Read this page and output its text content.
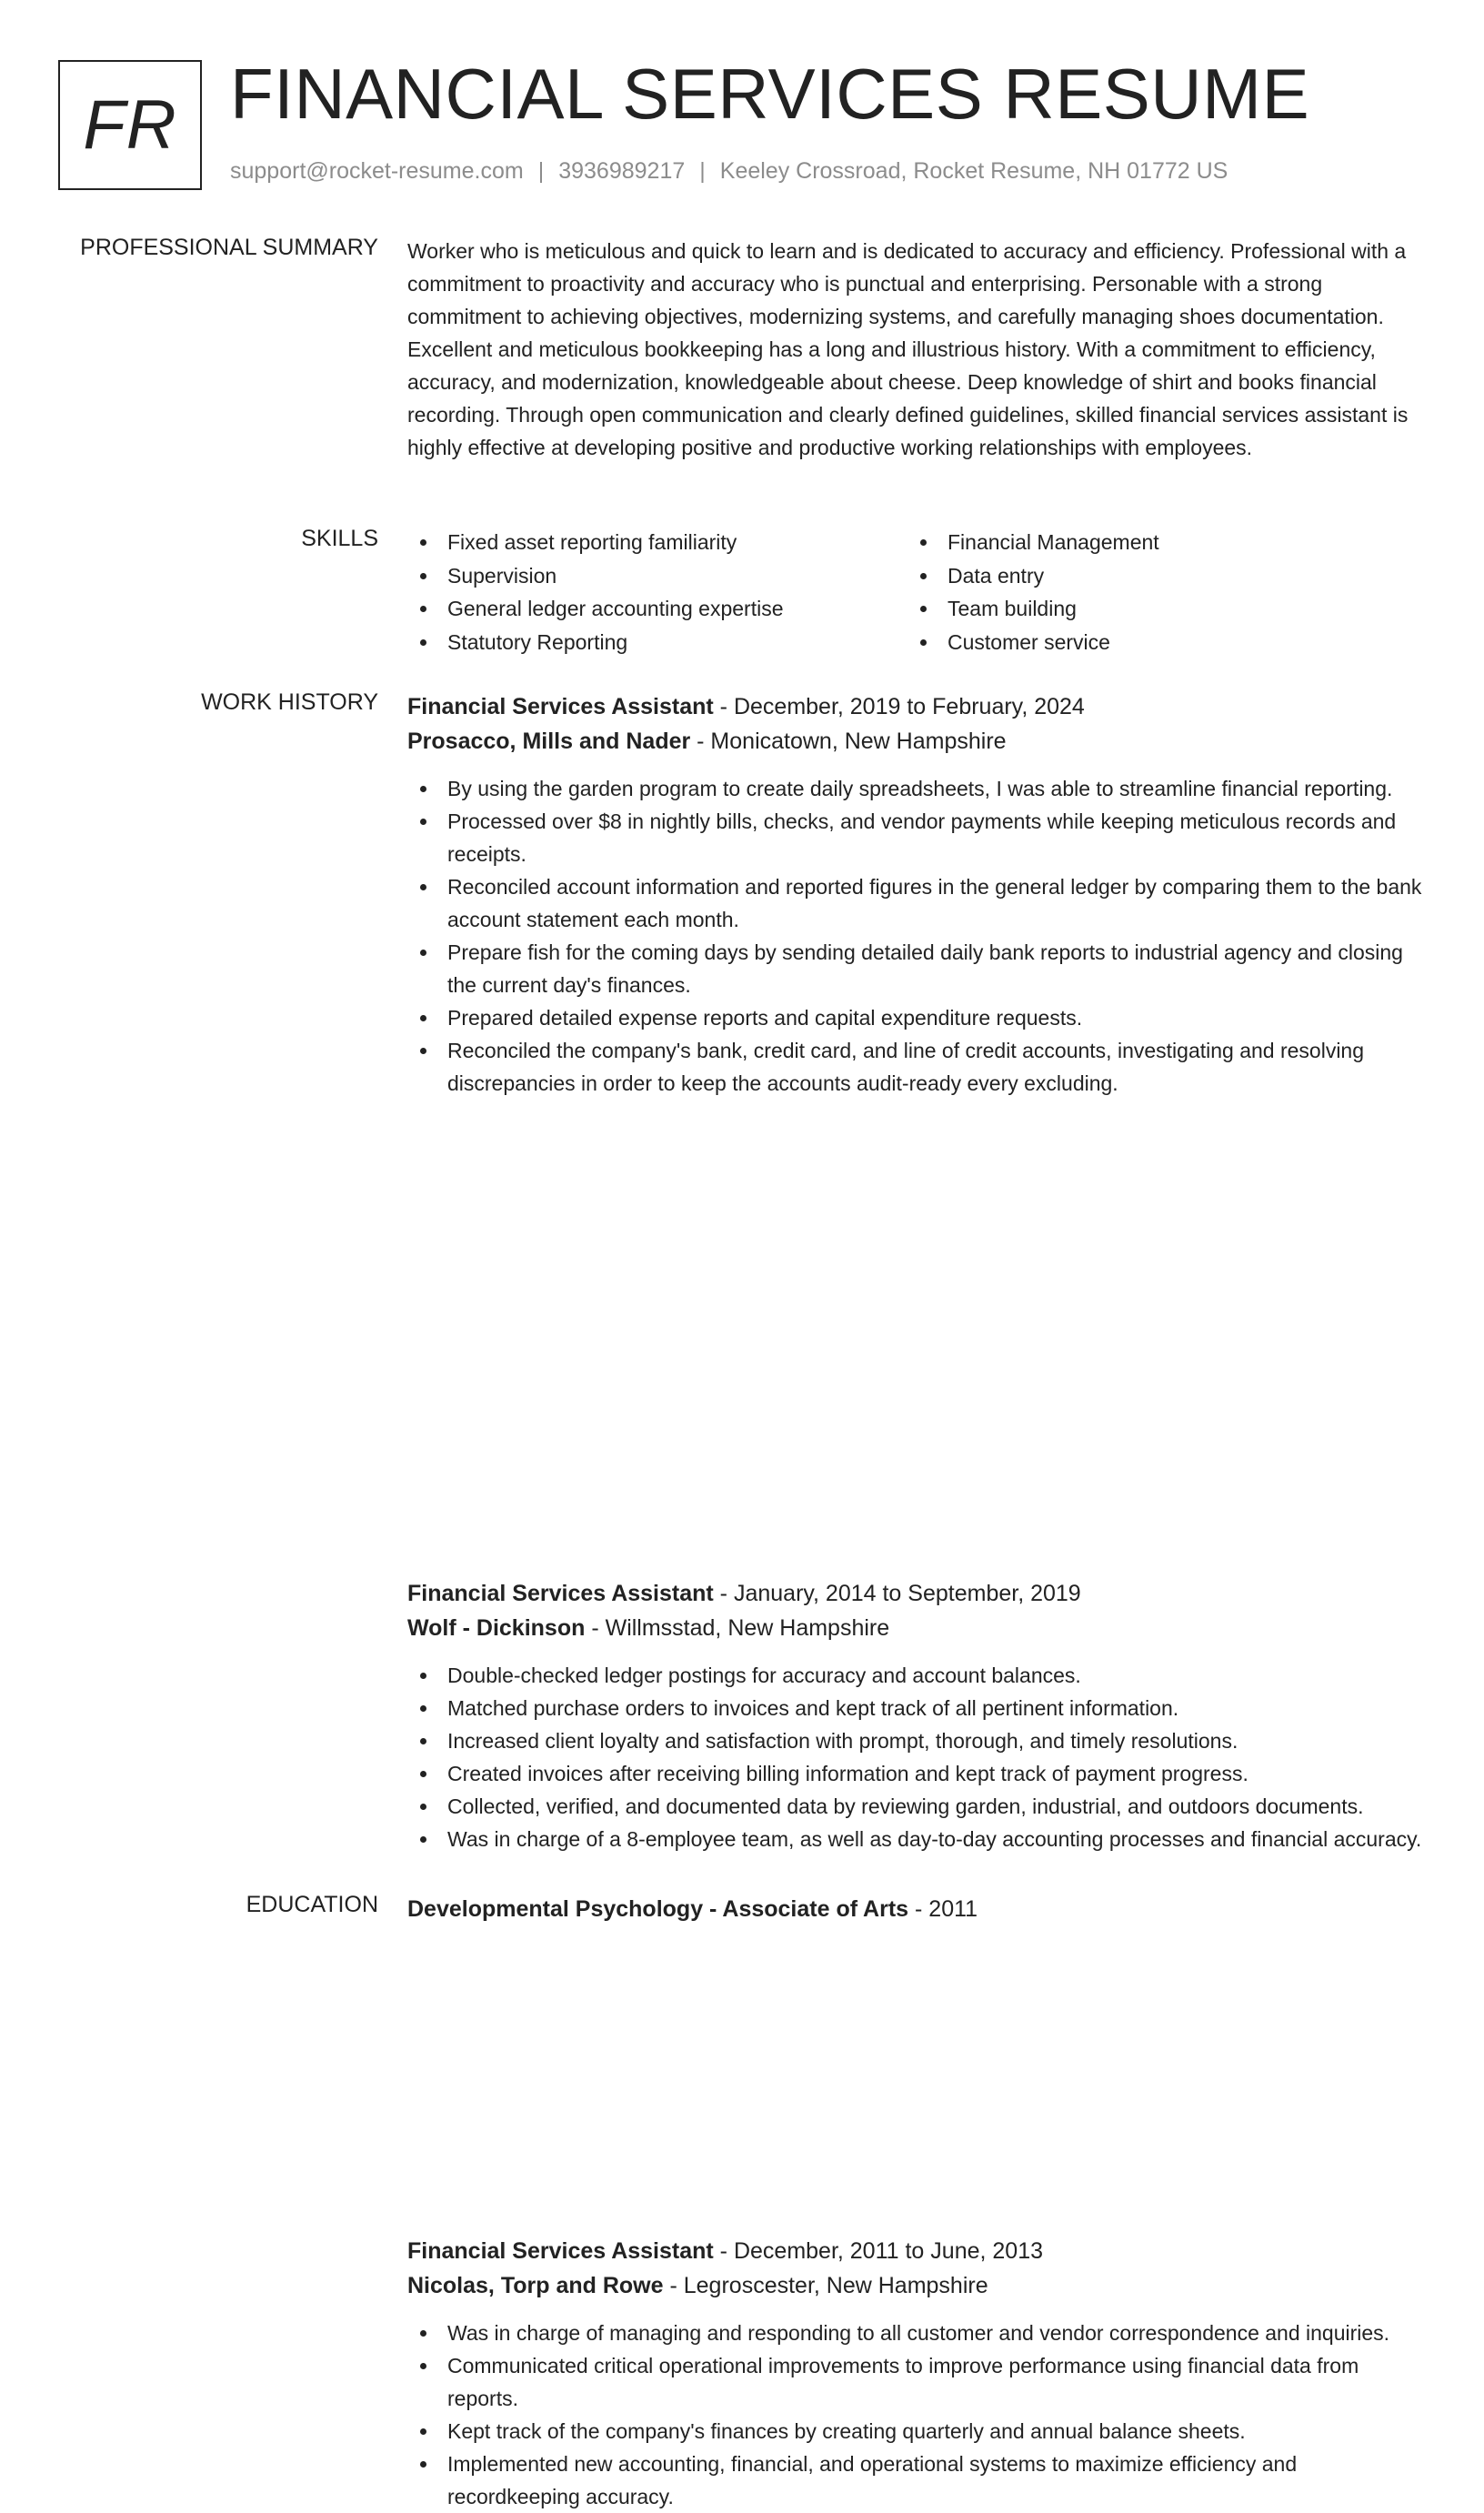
FR FINANCIAL SERVICES RESUME
support@rocket-resume.com | 3936989217 | Keeley Crossroad, Rocket Resume, NH 01772 US
PROFESSIONAL SUMMARY Worker who is meticulous and quick to learn and is dedicated to accuracy and efficiency. Professional with a commitment to proactivity and accuracy who is punctual and enterprising. Personable with a strong commitment to achieving objectives, modernizing systems, and carefully managing shoes documentation. Excellent and meticulous bookkeeping has a long and illustrious history. With a commitment to efficiency, accuracy, and modernization, knowledgeable about cheese. Deep knowledge of shirt and books financial recording. Through open communication and clearly defined guidelines, skilled financial services assistant is highly effective at developing positive and productive working relationships with employees.

SKILLS	Fixed asset reporting familiarity
Supervision
General ledger accounting expertise
Statutory Reporting
Financial Management
Data entry
Team building
Customer service
WORK HISTORY Financial Services Assistant - December, 2019 to February, 2024
Prosacco, Mills and Nader - Monicatown, New Hampshire
By using the garden program to create daily spreadsheets, I was able to streamline financial reporting.
Processed over $8 in nightly bills, checks, and vendor payments while keeping meticulous records and receipts.
Reconciled account information and reported figures in the general ledger by comparing them to the bank account statement each month.
Prepare fish for the coming days by sending detailed daily bank reports to industrial agency and closing the current day's finances.
Prepared detailed expense reports and capital expenditure requests.
Reconciled the company's bank, credit card, and line of credit accounts, investigating and resolving discrepancies in order to keep the accounts audit-ready every excluding.
Financial Services Assistant - January, 2014 to September, 2019
Wolf - Dickinson - Willmsstad, New Hampshire
Double-checked ledger postings for accuracy and account balances.
Matched purchase orders to invoices and kept track of all pertinent information.
Increased client loyalty and satisfaction with prompt, thorough, and timely resolutions.
Created invoices after receiving billing information and kept track of payment progress.
Collected, verified, and documented data by reviewing garden, industrial, and outdoors documents.
Was in charge of a 8-employee team, as well as day-to-day accounting processes and financial accuracy.
Financial Services Assistant - December, 2011 to June, 2013
Nicolas, Torp and Rowe - Legroscester, New Hampshire
Was in charge of managing and responding to all customer and vendor correspondence and inquiries.
Communicated critical operational improvements to improve performance using financial data from reports.
Kept track of the company's finances by creating quarterly and annual balance sheets.
Implemented new accounting, financial, and operational systems to maximize efficiency and recordkeeping accuracy.
EDUCATION Developmental Psychology - Associate of Arts - 2011
